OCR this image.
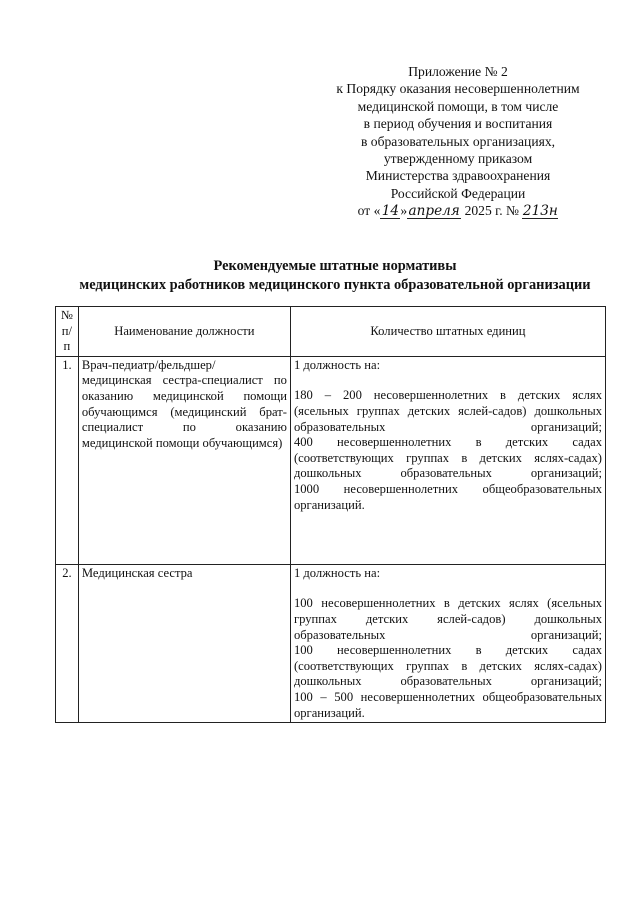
Приложение № 2
к Порядку оказания несовершеннолетним
медицинской помощи, в том числе
в период обучения и воспитания
в образовательных организациях,
утвержденному приказом
Министерства здравоохранения
Российской Федерации
от «14»апреля 2025 г. № 213н
Рекомендуемые штатные нормативы
медицинских работников медицинского пункта образовательной организации
№ п/п	Наименование должности	Количество штатных единиц
1.	Врач-педиатр/фельдшер/ медицинская сестра-специалист по оказанию медицинской помощи обучающимся (медицинский брат-специалист по оказанию медицинской помощи обучающимся)	1 должность на:
180 – 200 несовершеннолетних в детских яслях (ясельных группах детских яслей-садов) дошкольных образовательных организаций;
400 несовершеннолетних в детских садах (соответствующих группах в детских яслях-садах) дошкольных образовательных организаций;
1000 несовершеннолетних общеобразовательных организаций.

2.	Медицинская сестра	1 должность на:
100 несовершеннолетних в детских яслях (ясельных группах детских яслей-садов) дошкольных образовательных организаций;
100 несовершеннолетних в детских садах (соответствующих группах в детских яслях-садах) дошкольных образовательных организаций;
100 – 500 несовершеннолетних общеобразовательных организаций.
